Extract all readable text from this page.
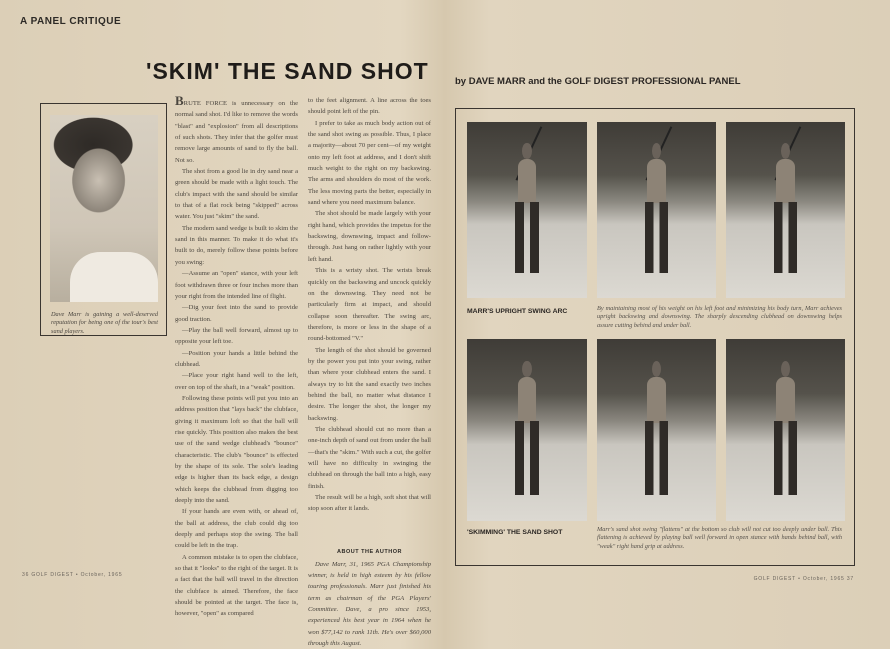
A PANEL CRITIQUE
'SKIM' THE SAND SHOT	by DAVE MARR and the GOLF DIGEST PROFESSIONAL PANEL
Dave Marr is gaining a well-deserved reputation for being one of the tour's best sand players.

BRUTE FORCE is unnecessary on the normal sand shot. I'd like to remove the words "blast" and "explosion" from all descriptions of such shots. They infer that the golfer must remove large amounts of sand to fly the ball. Not so.

The shot from a good lie in dry sand near a green should be made with a light touch. The club's impact with the sand should be similar to that of a flat rock being "skipped" across water. You just "skim" the sand.

The modern sand wedge is built to skim the sand in this manner. To make it do what it's built to do, merely follow these points before you swing:

—Assume an "open" stance, with your left foot withdrawn three or four inches more than your right from the intended line of flight.

—Dig your feet into the sand to provide good traction.

—Play the ball well forward, almost up to opposite your left toe.

—Position your hands a little behind the clubhead.

—Place your right hand well to the left, over on top of the shaft, in a "weak" position.

Following these points will put you into an address position that "lays back" the clubface, giving it maximum loft so that the ball will rise quickly. This position also makes the best use of the sand wedge clubhead's "bounce" characteristic. The club's "bounce" is effected by the shape of its sole. The sole's leading edge is higher than its back edge, a design which keeps the clubhead from digging too deeply into the sand.

If your hands are even with, or ahead of, the ball at address, the club could dig too deeply and perhaps stop the swing. The ball could be left in the trap.

A common mistake is to open the clubface, so that it "looks" to the right of the target. It is a fact that the ball will travel in the direction the clubface is aimed. Therefore, the face should be pointed at the target. The face is, however, "open" as compared

to the feet alignment. A line across the toes should point left of the pin.

I prefer to take as much body action out of the sand shot swing as possible. Thus, I place a majority—about 70 per cent—of my weight onto my left foot at address, and I don't shift much weight to the right on my backswing. The arms and shoulders do most of the work. The less moving parts the better, especially in sand where you need maximum balance.

The shot should be made largely with your right hand, which provides the impetus for the backswing, downswing, impact and follow-through. Just hang on rather lightly with your left hand.

This is a wristy shot. The wrists break quickly on the backswing and uncock quickly on the downswing. They need not be particularly firm at impact, and should collapse soon thereafter. The swing arc, therefore, is more or less in the shape of a round-bottomed "V."

The length of the shot should be governed by the power you put into your swing, rather than where your clubhead enters the sand. I always try to hit the sand exactly two inches behind the ball, no matter what distance I desire. The longer the shot, the longer my backswing.

The clubhead should cut no more than a one-inch depth of sand out from under the ball—that's the "skim." With such a cut, the golfer will have no difficulty in swinging the clubhead on through the ball into a high, easy finish.

The result will be a high, soft shot that will stop soon after it lands.

ABOUT THE AUTHOR

Dave Marr, 31, 1965 PGA Championship winner, is held in high esteem by his fellow touring professionals. Marr just finished his term as chairman of the PGA Players' Committee. Dave, a pro since 1953, experienced his best year in 1964 when he won $77,142 to rank 11th. He's over $60,000 through this August.

MARR'S UPRIGHT SWING ARC	By maintaining most of his weight on his left foot and minimizing his body turn, Marr achieves upright backswing and downswing. The sharply descending clubhead on downswing helps assure cutting behind and under ball.
'SKIMMING' THE SAND SHOT	Marr's sand shot swing "flattens" at the bottom so club will not cut too deeply under ball. This flattening is achieved by playing ball well forward in open stance with hands behind ball, with "weak" right hand grip at address.
36 GOLF DIGEST • October, 1965
GOLF DIGEST • October, 1965 37
